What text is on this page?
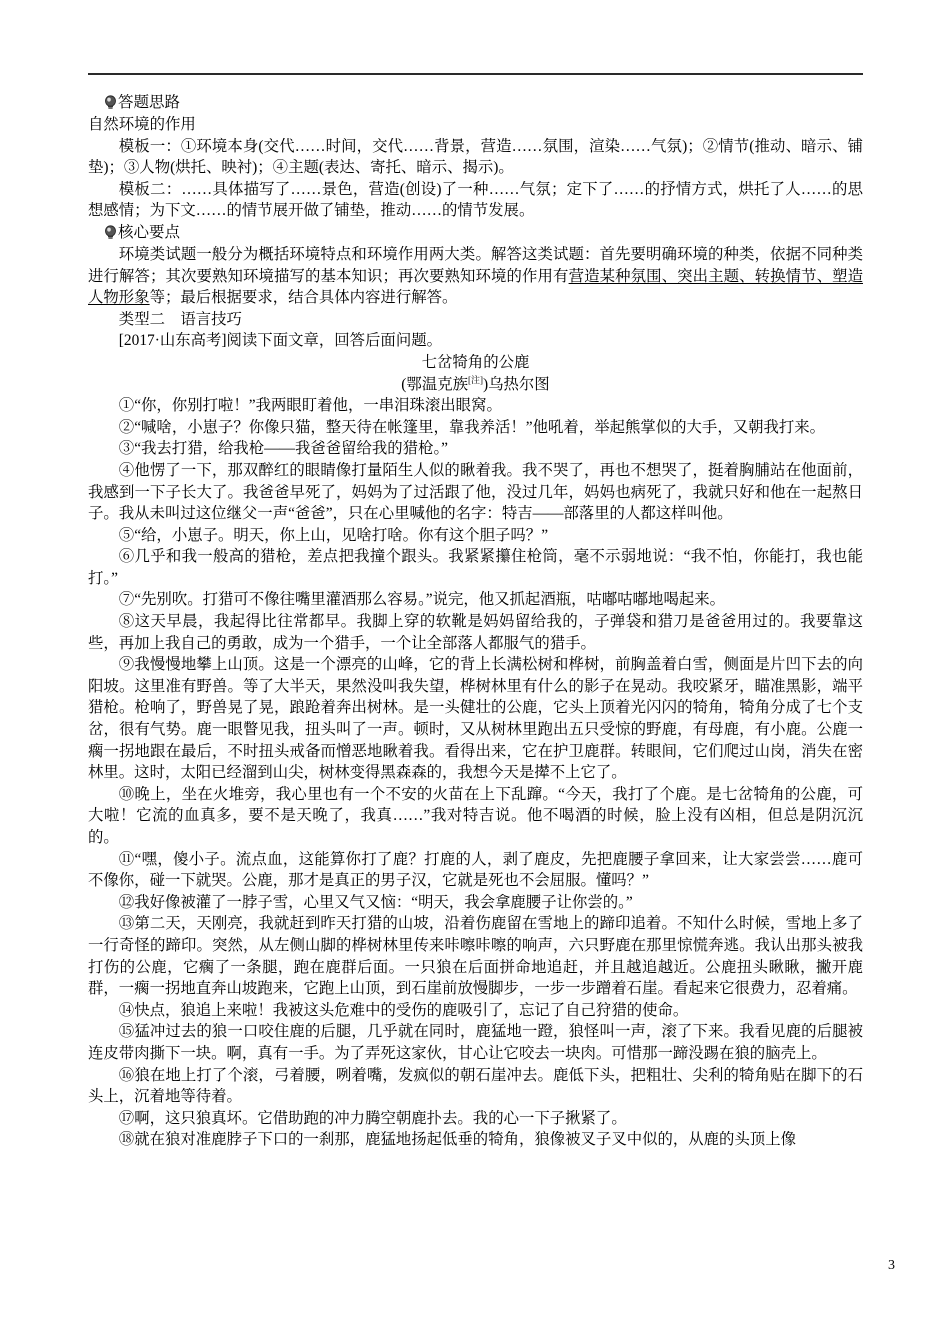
答题思路

自然环境的作用

模板一：①环境本身(交代……时间，交代……背景，营造……氛围，渲染……气氛)；②情节(推动、暗示、铺垫)；③人物(烘托、映衬)；④主题(表达、寄托、暗示、揭示)。

模板二：……具体描写了……景色，营造(创设)了一种……气氛；定下了……的抒情方式，烘托了人……的思想感情；为下文……的情节展开做了铺垫，推动……的情节发展。

核心要点

环境类试题一般分为概括环境特点和环境作用两大类。解答这类试题：首先要明确环境的种类，依据不同种类进行解答；其次要熟知环境描写的基本知识；再次要熟知环境的作用有营造某种氛围、突出主题、转换情节、塑造人物形象等；最后根据要求，结合具体内容进行解答。

类型二　语言技巧

[2017·山东高考]阅读下面文章，回答后面问题。

七岔犄角的公鹿
(鄂温克族[注])乌热尔图

①“你，你别打啦！”我两眼盯着他，一串泪珠滚出眼窝。

②“喊啥，小崽子？你像只猫，整天待在帐篷里，靠我养活！”他吼着，举起熊掌似的大手，又朝我打来。

③“我去打猎，给我枪——我爸爸留给我的猎枪。”

④他愣了一下，那双醉红的眼睛像打量陌生人似的瞅着我。我不哭了，再也不想哭了，挺着胸脯站在他面前，我感到一下子长大了。我爸爸早死了，妈妈为了过活跟了他，没过几年，妈妈也病死了，我就只好和他在一起熬日子。我从未叫过这位继父一声“爸爸”，只在心里喊他的名字：特吉——部落里的人都这样叫他。

⑤“给，小崽子。明天，你上山，见啥打啥。你有这个胆子吗？”

⑥几乎和我一般高的猎枪，差点把我撞个跟头。我紧紧攥住枪筒，毫不示弱地说：“我不怕，你能打，我也能打。”

⑦“先别吹。打猎可不像往嘴里灌酒那么容易。”说完，他又抓起酒瓶，咕嘟咕嘟地喝起来。

⑧这天早晨，我起得比往常都早。我脚上穿的软靴是妈妈留给我的，子弹袋和猎刀是爸爸用过的。我要靠这些，再加上我自己的勇敢，成为一个猎手，一个让全部落人都服气的猎手。

⑨我慢慢地攀上山顶。这是一个漂亮的山峰，它的背上长满松树和桦树，前胸盖着白雪，侧面是片凹下去的向阳坡。这里准有野兽。等了大半天，果然没叫我失望，桦树林里有什么的影子在晃动。我咬紧牙，瞄准黑影，端平猎枪。枪响了，野兽晃了晃，踉跄着奔出树林。是一头健壮的公鹿，它头上顶着光闪闪的犄角，犄角分成了七个支岔，很有气势。鹿一眼瞥见我，扭头叫了一声。顿时，又从树林里跑出五只受惊的野鹿，有母鹿，有小鹿。公鹿一瘸一拐地跟在最后，不时扭头戒备而憎恶地瞅着我。看得出来，它在护卫鹿群。转眼间，它们爬过山岗，消失在密林里。这时，太阳已经溜到山尖，树林变得黑森森的，我想今天是撵不上它了。

⑩晚上，坐在火堆旁，我心里也有一个不安的火苗在上下乱蹿。“今天，我打了个鹿。是七岔犄角的公鹿，可大啦！它流的血真多，要不是天晚了，我真……”我对特吉说。他不喝酒的时候，脸上没有凶相，但总是阴沉沉的。

⑪“嘿，傻小子。流点血，这能算你打了鹿？打鹿的人，剥了鹿皮，先把鹿腰子拿回来，让大家尝尝……鹿可不像你，碰一下就哭。公鹿，那才是真正的男子汉，它就是死也不会屈服。懂吗？”

⑫我好像被灌了一脖子雪，心里又气又恼：“明天，我会拿鹿腰子让你尝的。”

⑬第二天，天刚亮，我就赶到昨天打猎的山坡，沿着伤鹿留在雪地上的蹄印追着。不知什么时候，雪地上多了一行奇怪的蹄印。突然，从左侧山脚的桦树林里传来咔嚓咔嚓的响声，六只野鹿在那里惊慌奔逃。我认出那头被我打伤的公鹿，它瘸了一条腿，跑在鹿群后面。一只狼在后面拼命地追赶，并且越追越近。公鹿扭头瞅瞅，撇开鹿群，一瘸一拐地直奔山坡跑来，它跑上山顶，到石崖前放慢脚步，一步一步蹭着石崖。看起来它很费力，忍着痛。

⑭快点，狼追上来啦！我被这头危难中的受伤的鹿吸引了，忘记了自己狩猎的使命。

⑮猛冲过去的狼一口咬住鹿的后腿，几乎就在同时，鹿猛地一蹬，狼怪叫一声，滚了下来。我看见鹿的后腿被连皮带肉撕下一块。啊，真有一手。为了弄死这家伙，甘心让它咬去一块肉。可惜那一蹄没踢在狼的脑壳上。

⑯狼在地上打了个滚，弓着腰，咧着嘴，发疯似的朝石崖冲去。鹿低下头，把粗壮、尖利的犄角贴在脚下的石头上，沉着地等待着。

⑰啊，这只狼真坏。它借助跑的冲力腾空朝鹿扑去。我的心一下子揪紧了。

⑱就在狼对准鹿脖子下口的一刹那，鹿猛地扬起低垂的犄角，狼像被叉子叉中似的，从鹿的头顶上像

3
